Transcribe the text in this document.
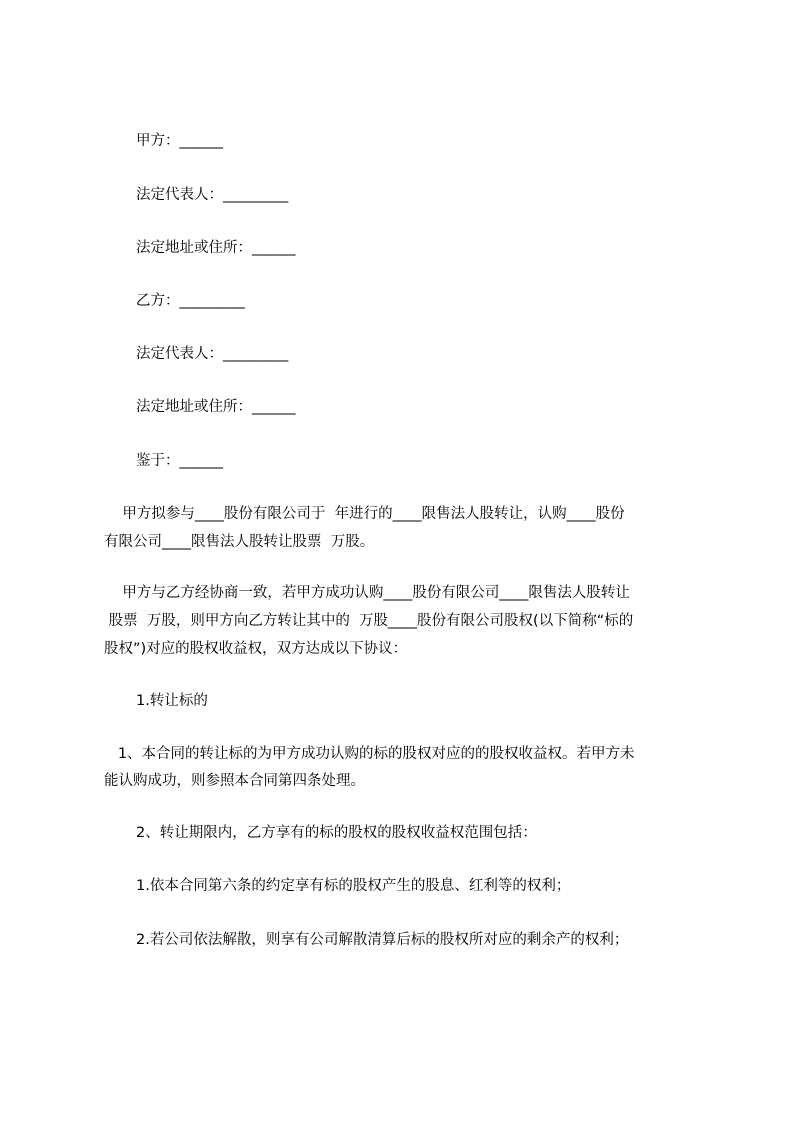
甲方：______

法定代表人：_________

法定地址或住所：______

乙方：_________

法定代表人：_________

法定地址或住所：______

鉴于：______

甲方拟参与____股份有限公司于  年进行的____限售法人股转让，认购____股份

有限公司____限售法人股转让股票  万股。

甲方与乙方经协商一致，若甲方成功认购____股份有限公司____限售法人股转让

股票  万股，则甲方向乙方转让其中的  万股____股份有限公司股权(以下简称“标的

股权”)对应的股权收益权，双方达成以下协议：

1.转让标的

1、本合同的转让标的为甲方成功认购的标的股权对应的的股权收益权。若甲方未

能认购成功，则参照本合同第四条处理。

2、转让期限内，乙方享有的标的股权的股权收益权范围包括：

1.依本合同第六条的约定享有标的股权产生的股息、红利等的权利；

2.若公司依法解散，则享有公司解散清算后标的股权所对应的剩余产的权利；
